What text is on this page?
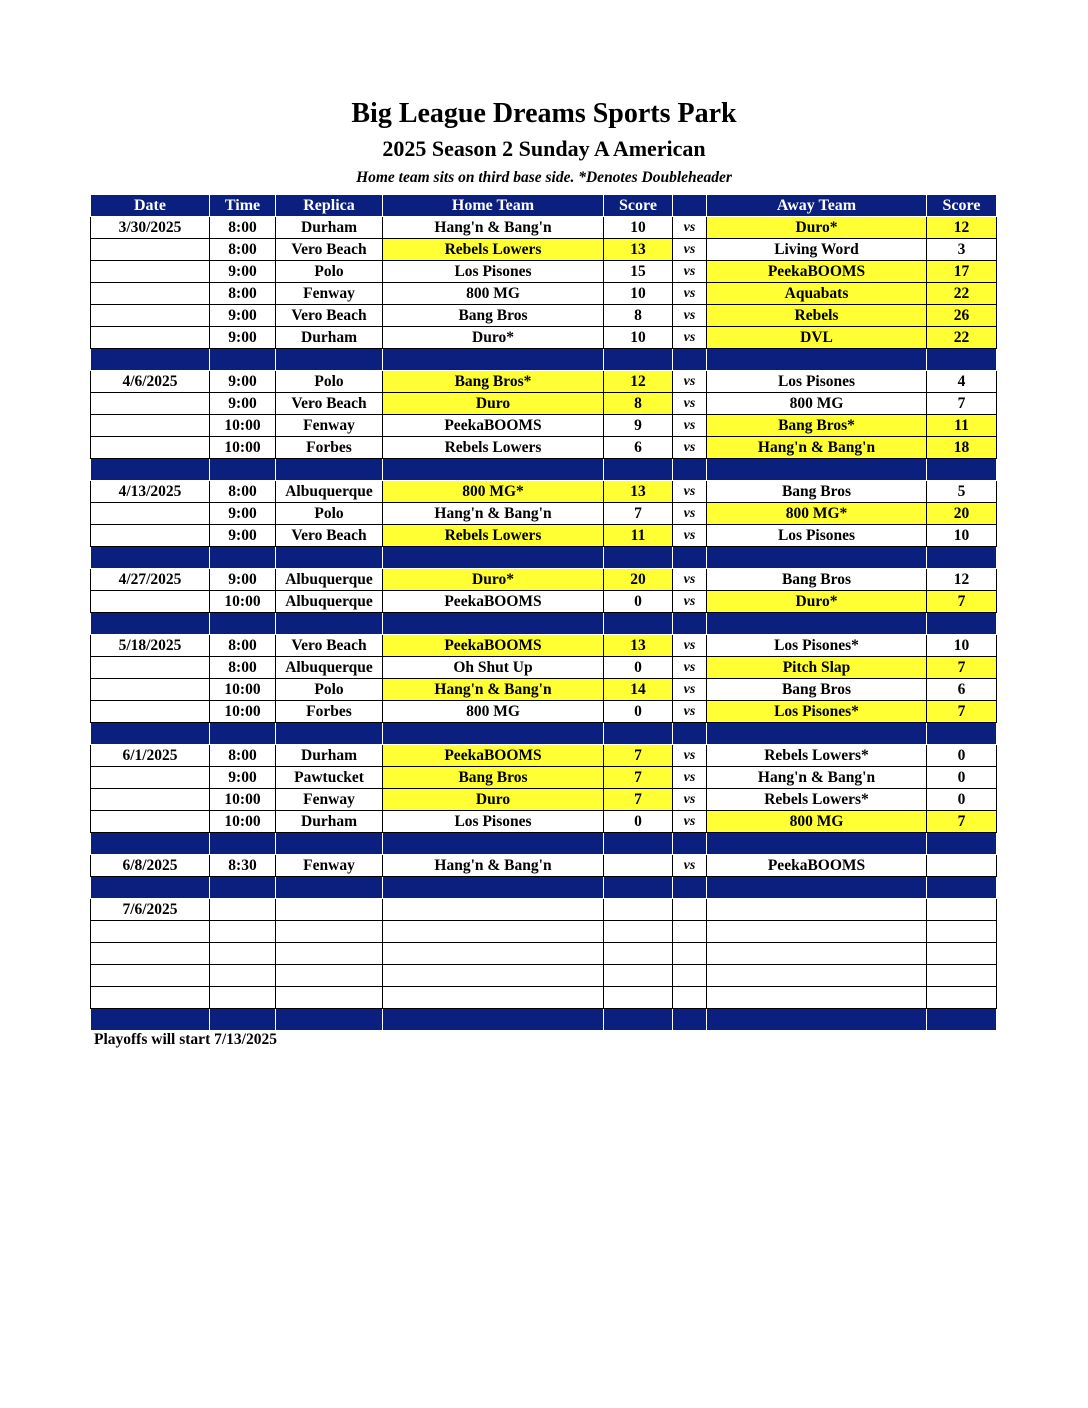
Big League Dreams Sports Park
2025 Season 2 Sunday A American
Home team sits on third base side. *Denotes Doubleheader
Date	Time	Replica	Home Team	Score		Away Team	Score
3/30/2025	8:00	Durham	Hang'n & Bang'n	10	vs	Duro*	12
	8:00	Vero Beach	Rebels Lowers	13	vs	Living Word	3
	9:00	Polo	Los Pisones	15	vs	PeekaBOOMS	17
	8:00	Fenway	800 MG	10	vs	Aquabats	22
	9:00	Vero Beach	Bang Bros	8	vs	Rebels	26
	9:00	Durham	Duro*	10	vs	DVL	22

4/6/2025	9:00	Polo	Bang Bros*	12	vs	Los Pisones	4
	9:00	Vero Beach	Duro	8	vs	800 MG	7
	10:00	Fenway	PeekaBOOMS	9	vs	Bang Bros*	11
	10:00	Forbes	Rebels Lowers	6	vs	Hang'n & Bang'n	18

4/13/2025	8:00	Albuquerque	800 MG*	13	vs	Bang Bros	5
	9:00	Polo	Hang'n & Bang'n	7	vs	800 MG*	20
	9:00	Vero Beach	Rebels Lowers	11	vs	Los Pisones	10

4/27/2025	9:00	Albuquerque	Duro*	20	vs	Bang Bros	12
	10:00	Albuquerque	PeekaBOOMS	0	vs	Duro*	7

5/18/2025	8:00	Vero Beach	PeekaBOOMS	13	vs	Los Pisones*	10
	8:00	Albuquerque	Oh Shut Up	0	vs	Pitch Slap	7
	10:00	Polo	Hang'n & Bang'n	14	vs	Bang Bros	6
	10:00	Forbes	800 MG	0	vs	Los Pisones*	7

6/1/2025	8:00	Durham	PeekaBOOMS	7	vs	Rebels Lowers*	0
	9:00	Pawtucket	Bang Bros	7	vs	Hang'n & Bang'n	0
	10:00	Fenway	Duro	7	vs	Rebels Lowers*	0
	10:00	Durham	Los Pisones	0	vs	800 MG	7

6/8/2025	8:30	Fenway	Hang'n & Bang'n		vs	PeekaBOOMS	

7/6/2025							

Playoffs will start 7/13/2025
